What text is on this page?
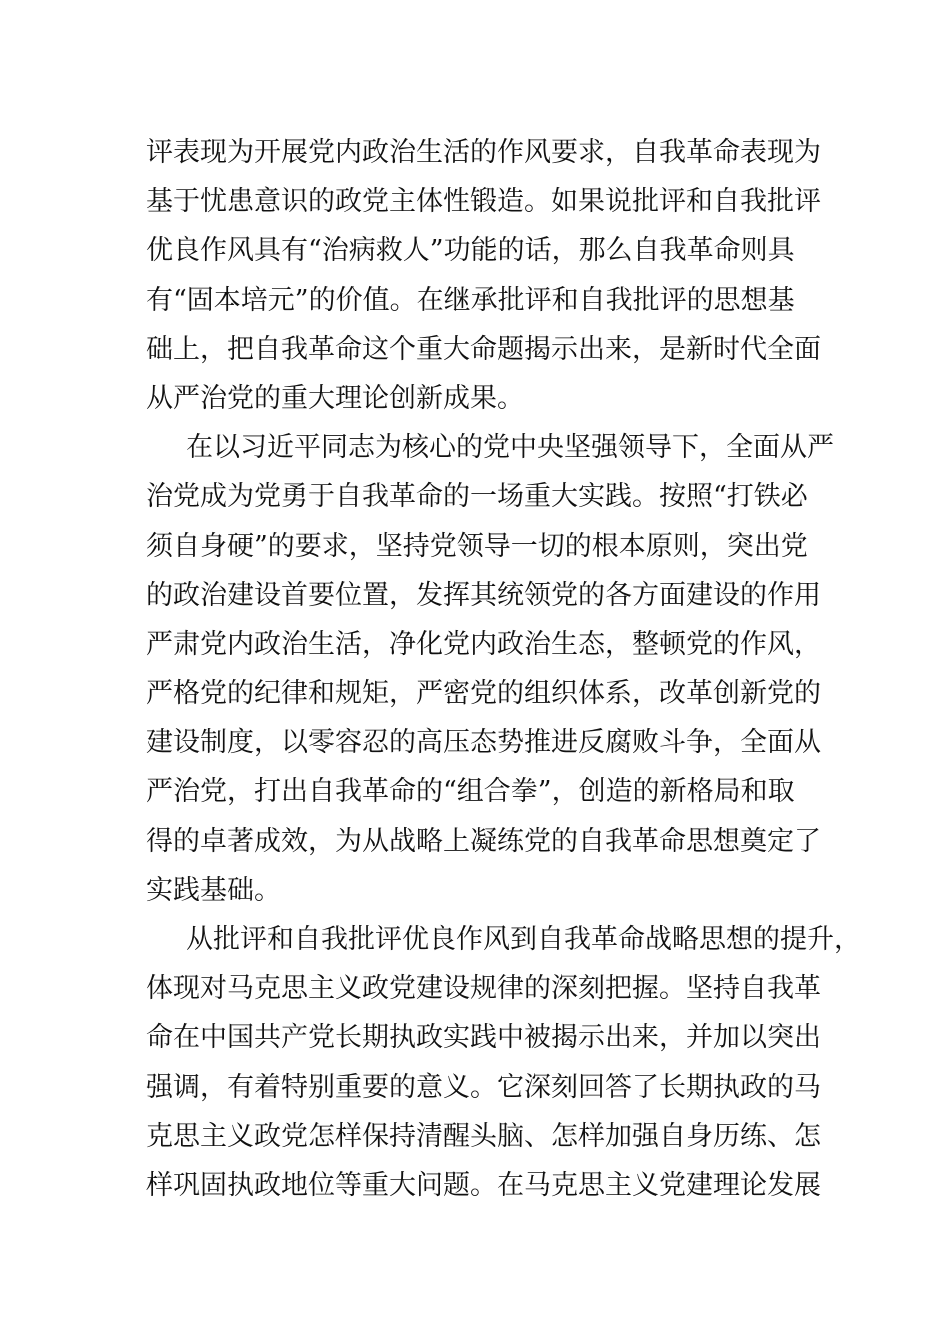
评表现为开展党内政治生活的作风要求，自我革命表现为
基于忧患意识的政党主体性锻造。如果说批评和自我批评
优良作风具有“治病救人”功能的话，那么自我革命则具
有“固本培元”的价值。在继承批评和自我批评的思想基
础上，把自我革命这个重大命题揭示出来，是新时代全面
从严治党的重大理论创新成果。
在以习近平同志为核心的党中央坚强领导下，全面从严
治党成为党勇于自我革命的一场重大实践。按照“打铁必
须自身硬”的要求，坚持党领导一切的根本原则，突出党
的政治建设首要位置，发挥其统领党的各方面建设的作用
严肃党内政治生活，净化党内政治生态，整顿党的作风，
严格党的纪律和规矩，严密党的组织体系，改革创新党的
建设制度，以零容忍的高压态势推进反腐败斗争，全面从
严治党，打出自我革命的“组合拳”，创造的新格局和取
得的卓著成效，为从战略上凝练党的自我革命思想奠定了
实践基础。
从批评和自我批评优良作风到自我革命战略思想的提升，
体现对马克思主义政党建设规律的深刻把握。坚持自我革
命在中国共产党长期执政实践中被揭示出来，并加以突出
强调，有着特别重要的意义。它深刻回答了长期执政的马
克思主义政党怎样保持清醒头脑、怎样加强自身历练、怎
样巩固执政地位等重大问题。在马克思主义党建理论发展
